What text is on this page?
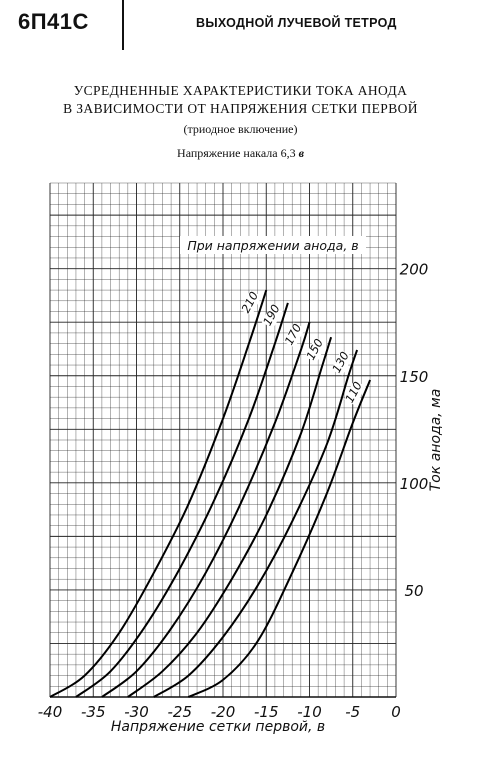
6П41С	ВЫХОДНОЙ ЛУЧЕВОЙ ТЕТРОД
УСРЕДНЕННЫЕ ХАРАКТЕРИСТИКИ ТОКА АНОДА
В ЗАВИСИМОСТИ ОТ НАПРЯЖЕНИЯ СЕТКИ ПЕРВОЙ
(триодное включение)
Напряжение накала 6,3 в
-40 -35 -30 -25 -20 -15 -10 -5 0
50
100
150
200
210
190
170
150 130
110
Напряжение сетки первой, в
Ток анода, ма
При напряжении анода, в
